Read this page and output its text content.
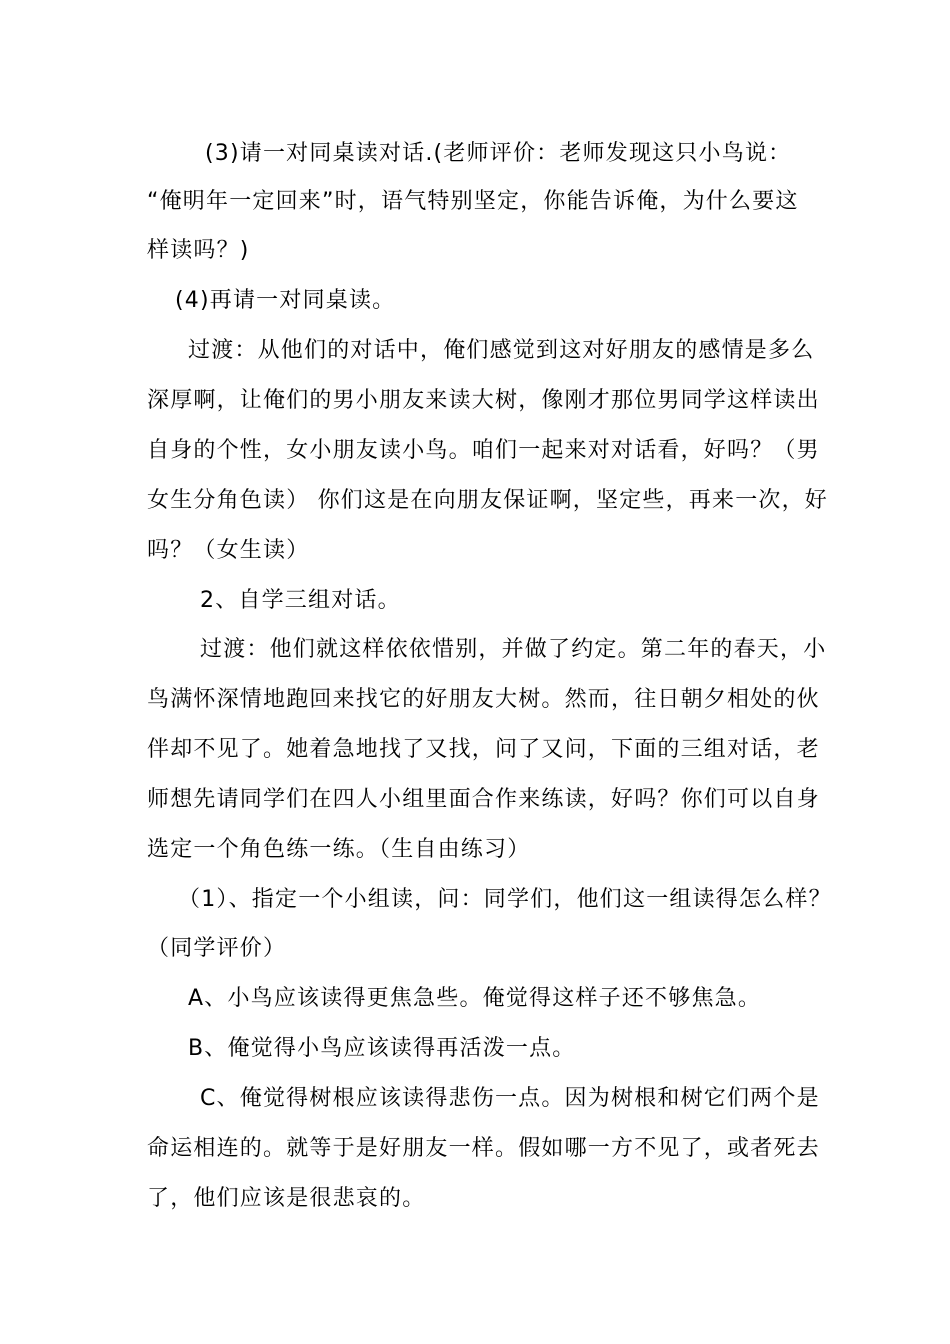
(3)请一对同桌读对话.(老师评价：老师发现这只小鸟说：
“俺明年一定回来”时，语气特别坚定，你能告诉俺，为什么要这
样读吗？)
(4)再请一对同桌读。
过渡：从他们的对话中，俺们感觉到这对好朋友的感情是多么
深厚啊，让俺们的男小朋友来读大树，像刚才那位男同学这样读出
自身的个性，女小朋友读小鸟。咱们一起来对对话看，好吗？（男
女生分角色读） 你们这是在向朋友保证啊，坚定些，再来一次，好
吗？（女生读）
2、自学三组对话。
过渡：他们就这样依依惜别，并做了约定。第二年的春天，小
鸟满怀深情地跑回来找它的好朋友大树。然而，往日朝夕相处的伙
伴却不见了。她着急地找了又找，问了又问，下面的三组对话，老
师想先请同学们在四人小组里面合作来练读，好吗？你们可以自身
选定一个角色练一练。（生自由练习）
（1）、指定一个小组读，问：同学们，他们这一组读得怎么样？
（同学评价）
A、小鸟应该读得更焦急些。俺觉得这样子还不够焦急。
B、俺觉得小鸟应该读得再活泼一点。
C、俺觉得树根应该读得悲伤一点。因为树根和树它们两个是
命运相连的。就等于是好朋友一样。假如哪一方不见了，或者死去
了，他们应该是很悲哀的。
